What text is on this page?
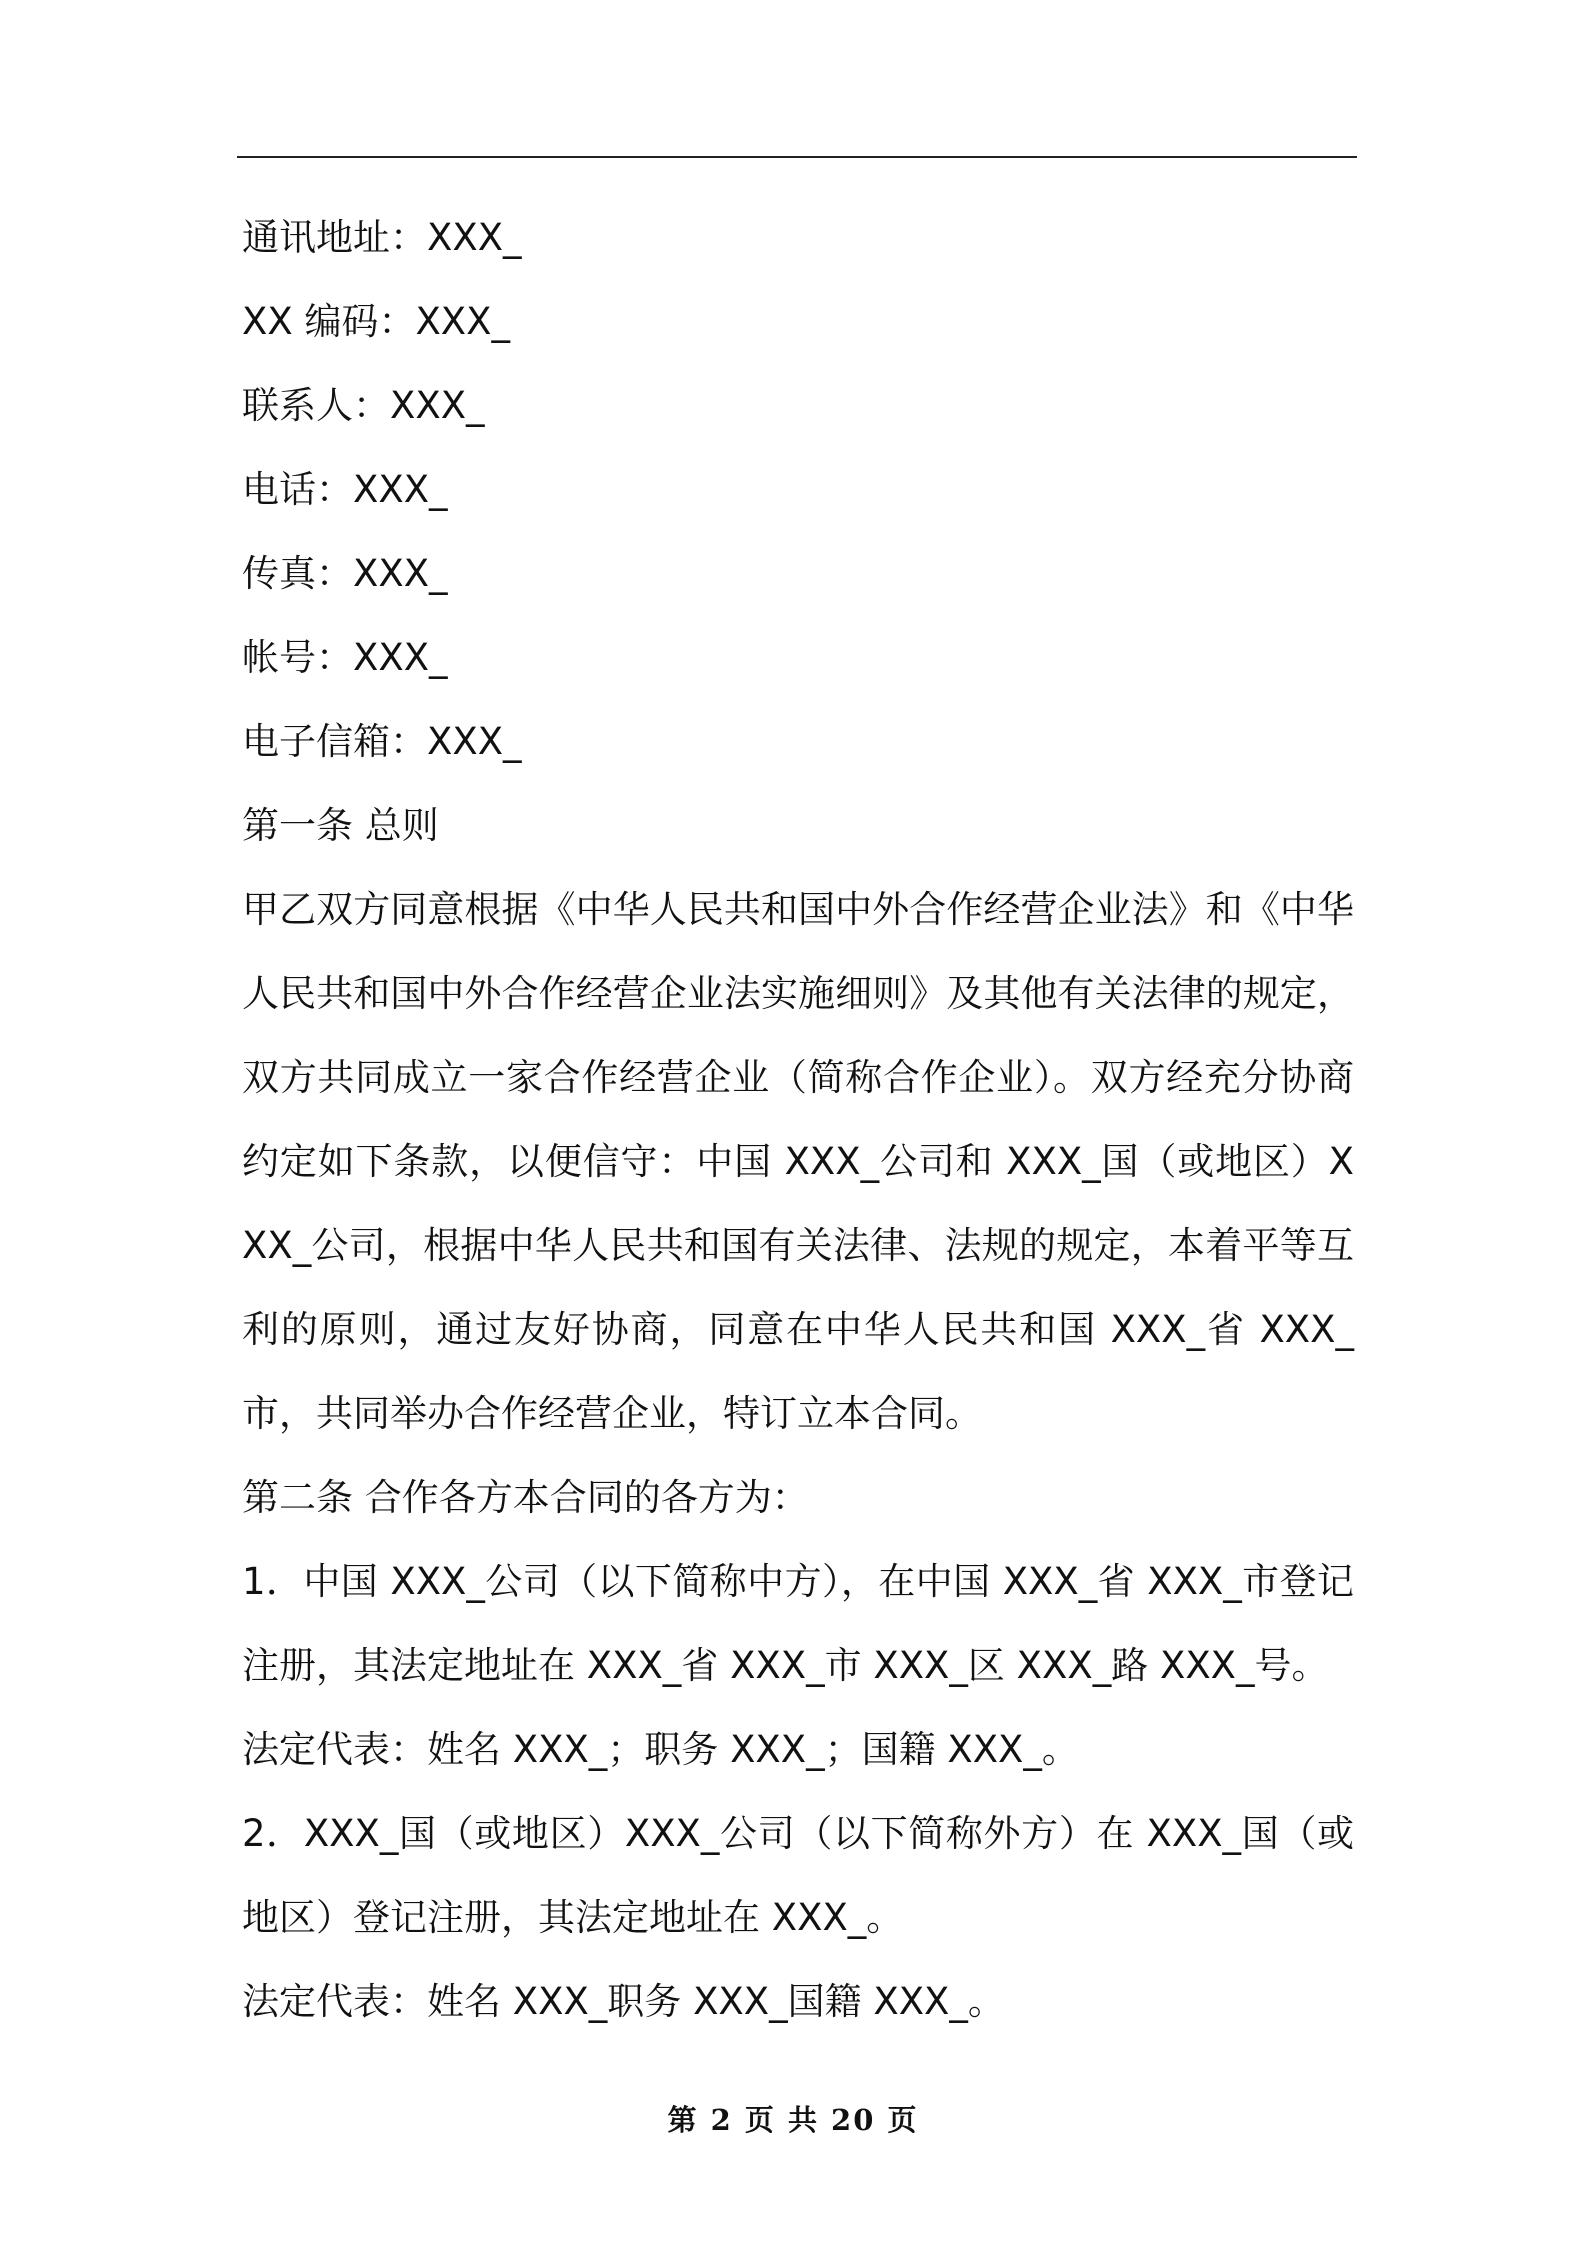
通讯地址：XXX_
XX 编码：XXX_
联系人：XXX_
电话：XXX_
传真：XXX_
帐号：XXX_
电子信箱：XXX_
第一条 总则
甲乙双方同意根据《中华人民共和国中外合作经营企业法》和《中华人民共和国中外合作经营企业法实施细则》及其他有关法律的规定，双方共同成立一家合作经营企业（简称合作企业）。双方经充分协商约定如下条款，以便信守：中国 XXX_公司和 XXX_国（或地区）XXX_公司，根据中华人民共和国有关法律、法规的规定，本着平等互利的原则，通过友好协商，同意在中华人民共和国 XXX_省 XXX_市，共同举办合作经营企业，特订立本合同。
第二条 合作各方本合同的各方为：
1．中国 XXX_公司（以下简称中方），在中国 XXX_省 XXX_市登记注册，其法定地址在 XXX_省 XXX_市 XXX_区 XXX_路 XXX_号。
法定代表：姓名 XXX_；职务 XXX_；国籍 XXX_。
2．XXX_国（或地区）XXX_公司（以下简称外方）在 XXX_国（或地区）登记注册，其法定地址在 XXX_。
法定代表：姓名 XXX_职务 XXX_国籍 XXX_。
第 2 页 共 20 页
